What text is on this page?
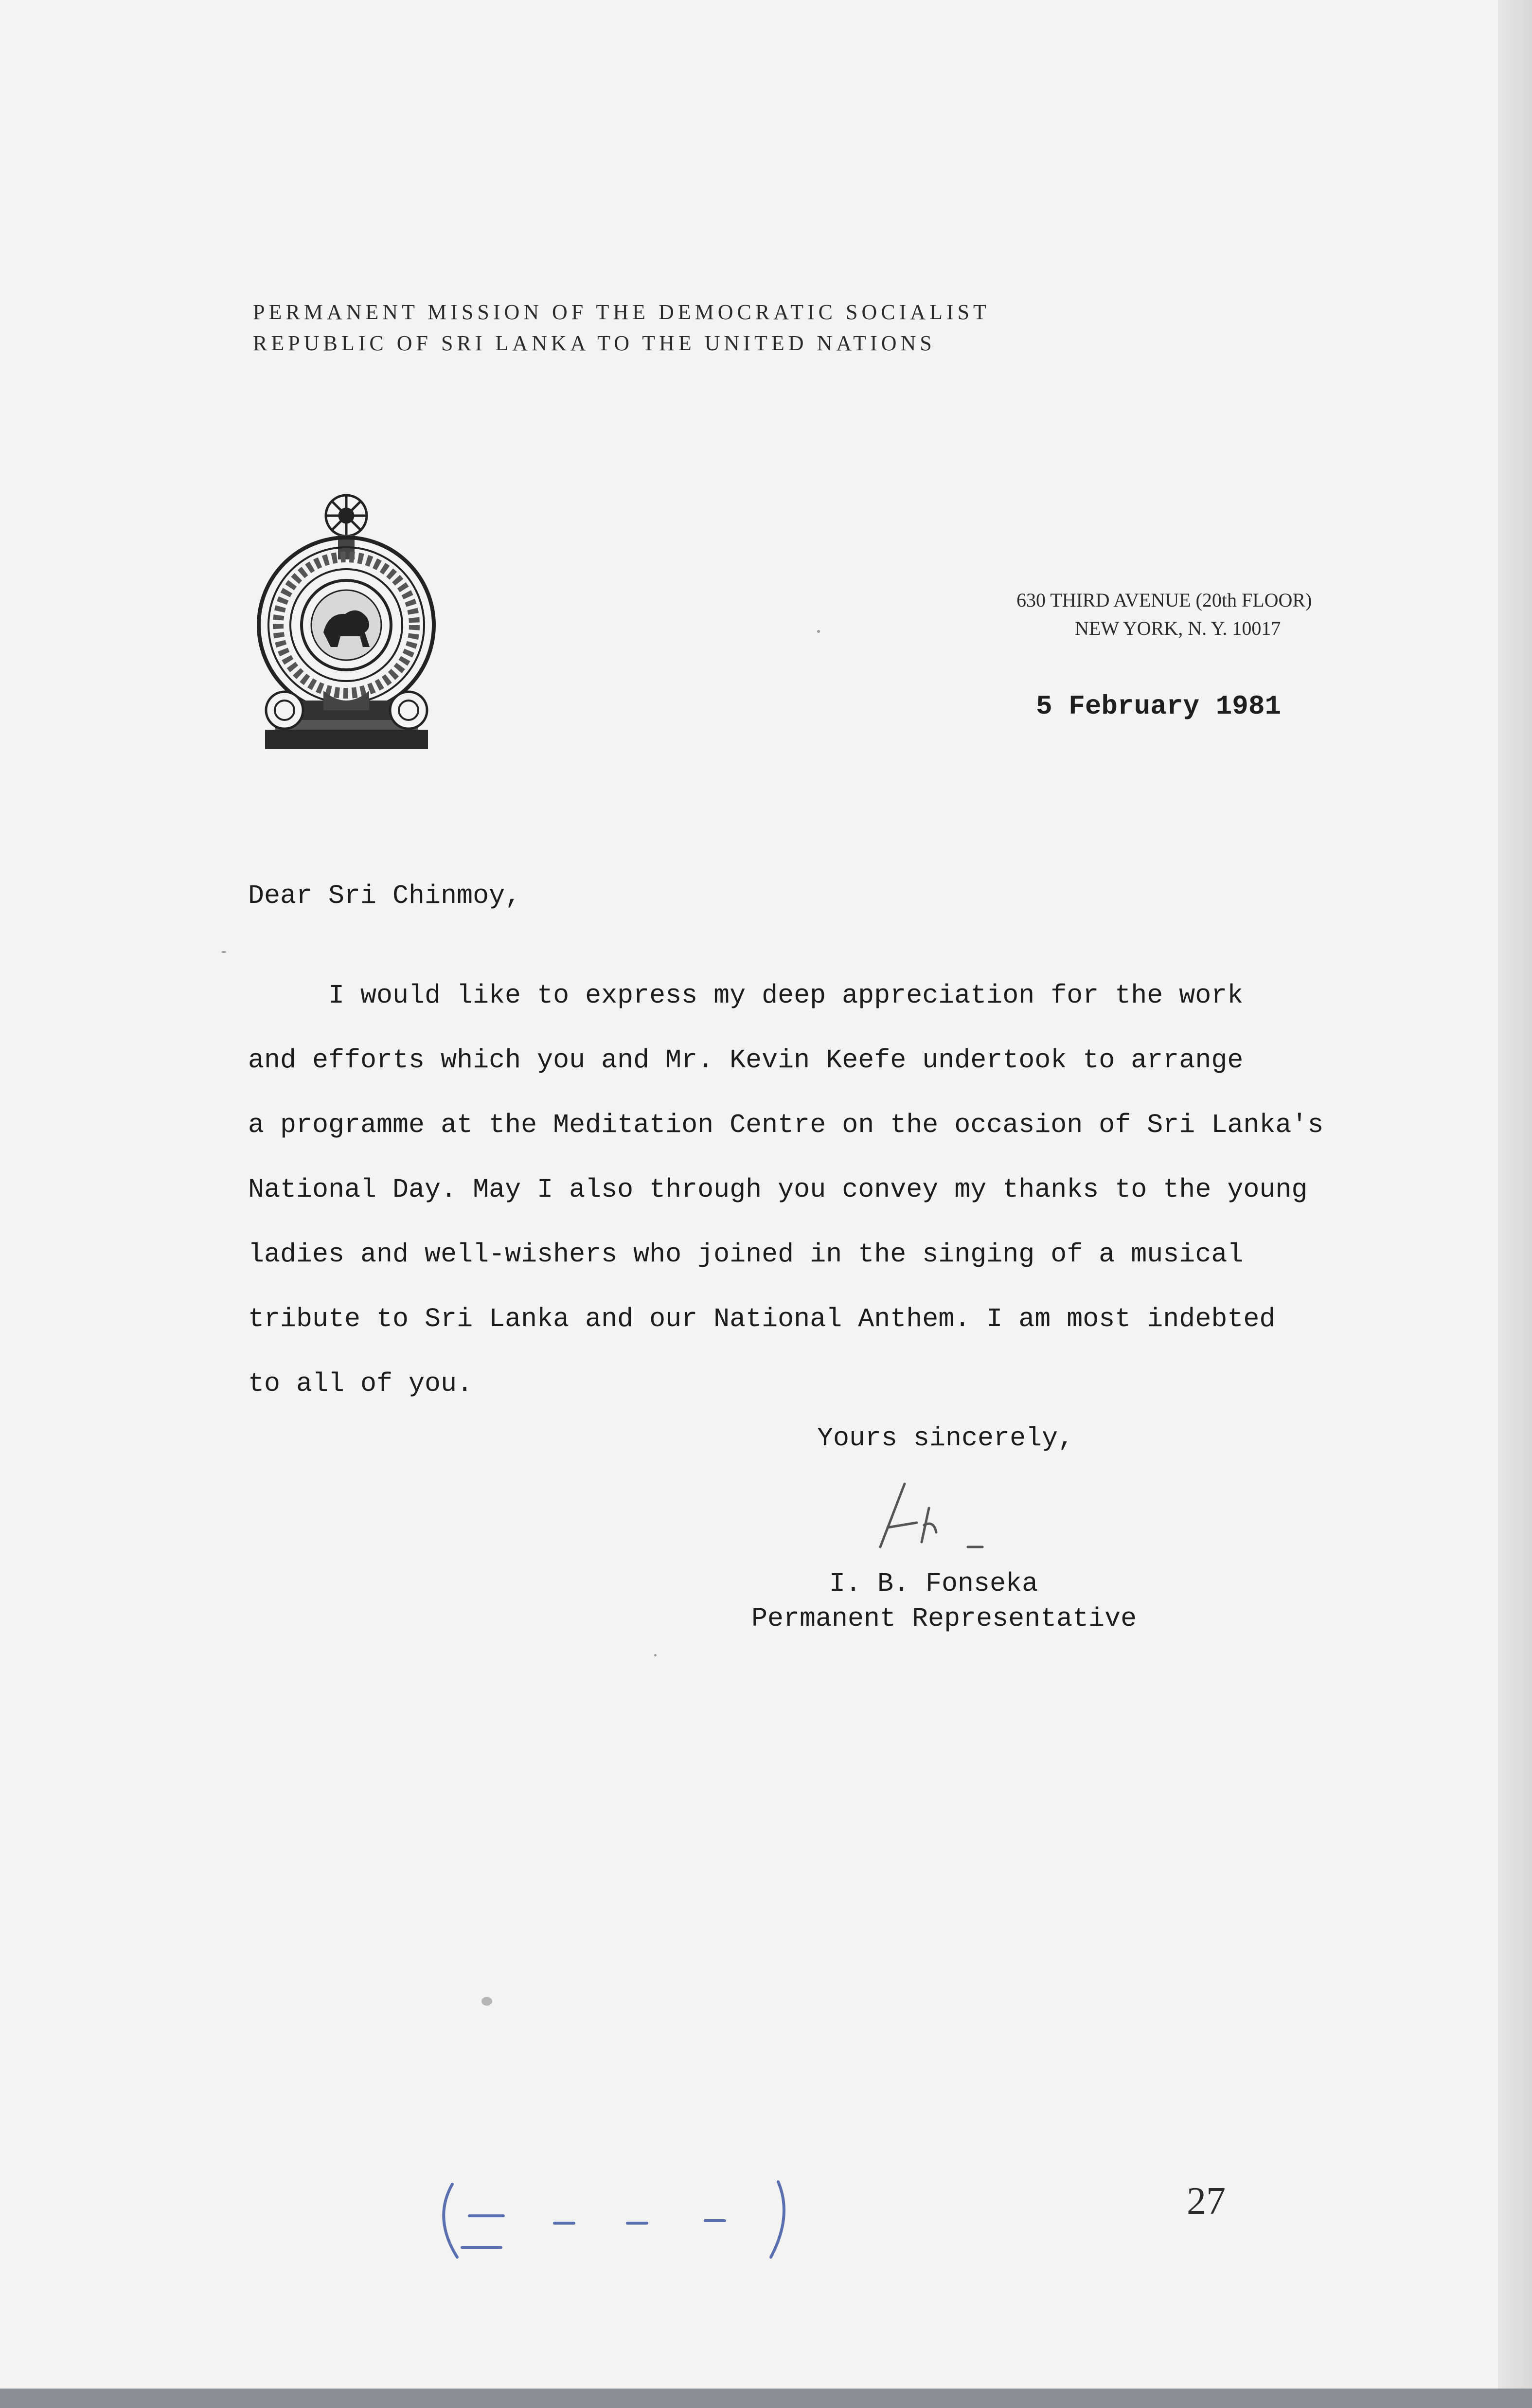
PERMANENT MISSION OF THE DEMOCRATIC SOCIALIST
REPUBLIC OF SRI LANKA TO THE UNITED NATIONS
630 THIRD AVENUE (20th FLOOR)
NEW YORK, N. Y. 10017
5 February 1981
Dear Sri Chinmoy,
I would like to express my deep appreciation for the work
and efforts which you and Mr. Kevin Keefe undertook to arrange
a programme at the Meditation Centre on the occasion of Sri Lanka's
National Day. May I also through you convey my thanks to the young
ladies and well-wishers who joined in the singing of a musical
tribute to Sri Lanka and our National Anthem. I am most indebted
to all of you.
Yours sincerely,
I. B. Fonseka
Permanent Representative
27
